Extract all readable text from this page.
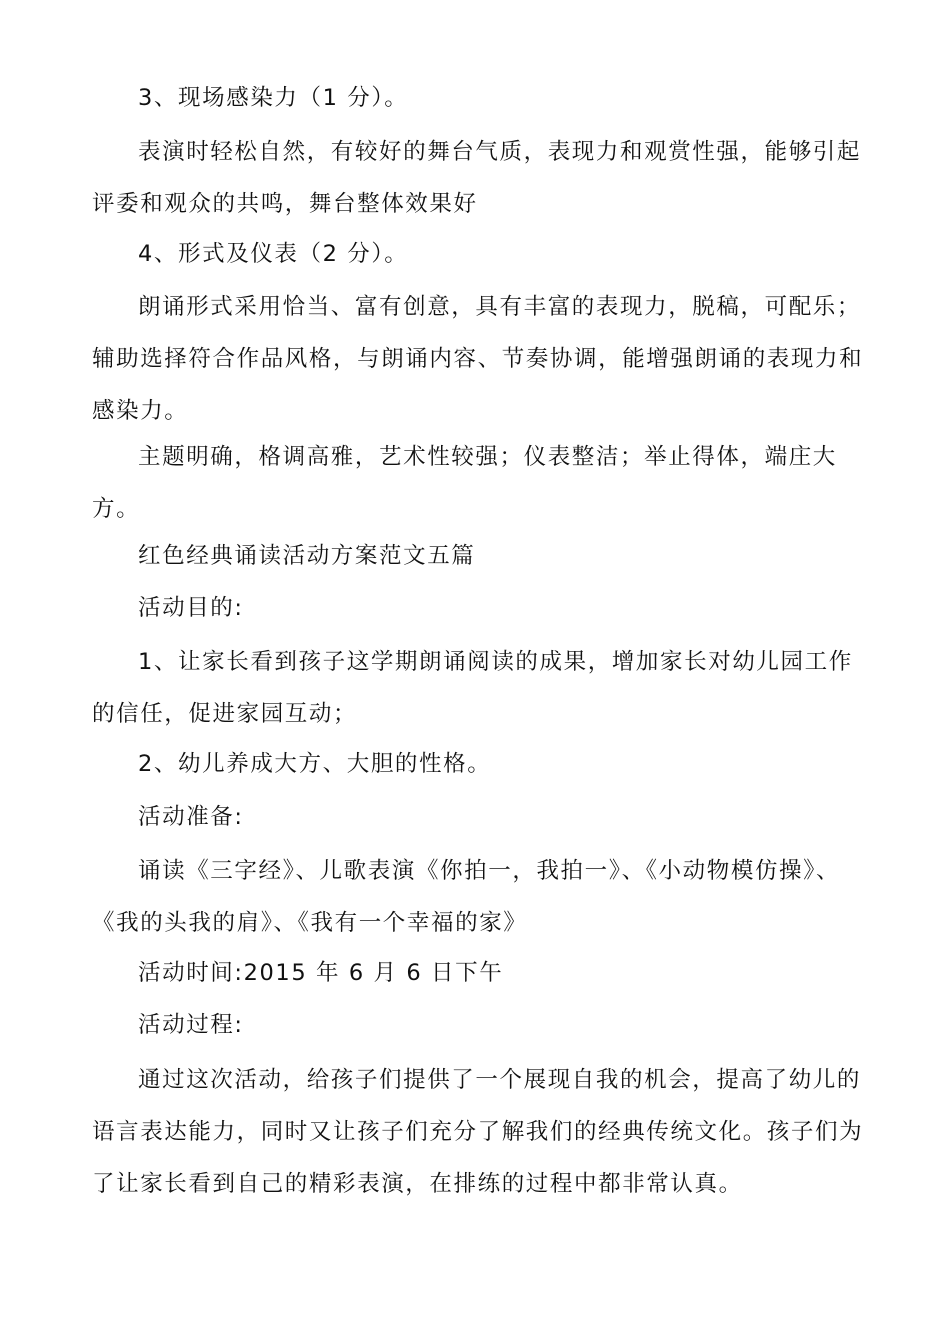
3、现场感染力（1 分）。

表演时轻松自然，有较好的舞台气质，表现力和观赏性强，能够引起
评委和观众的共鸣，舞台整体效果好

4、形式及仪表（2 分）。

朗诵形式采用恰当、富有创意，具有丰富的表现力，脱稿，可配乐；
辅助选择符合作品风格，与朗诵内容、节奏协调，能增强朗诵的表现力和
感染力。

主题明确，格调高雅，艺术性较强；仪表整洁；举止得体，端庄大
方。

红色经典诵读活动方案范文五篇

活动目的:

1、让家长看到孩子这学期朗诵阅读的成果，增加家长对幼儿园工作
的信任，促进家园互动；

2、幼儿养成大方、大胆的性格。

活动准备:

诵读《三字经》、儿歌表演《你拍一，我拍一》、《小动物模仿操》、
《我的头我的肩》、《我有一个幸福的家》

活动时间:2015 年 6 月 6 日下午

活动过程:

通过这次活动，给孩子们提供了一个展现自我的机会，提高了幼儿的
语言表达能力，同时又让孩子们充分了解我们的经典传统文化。孩子们为
了让家长看到自己的精彩表演，在排练的过程中都非常认真。
